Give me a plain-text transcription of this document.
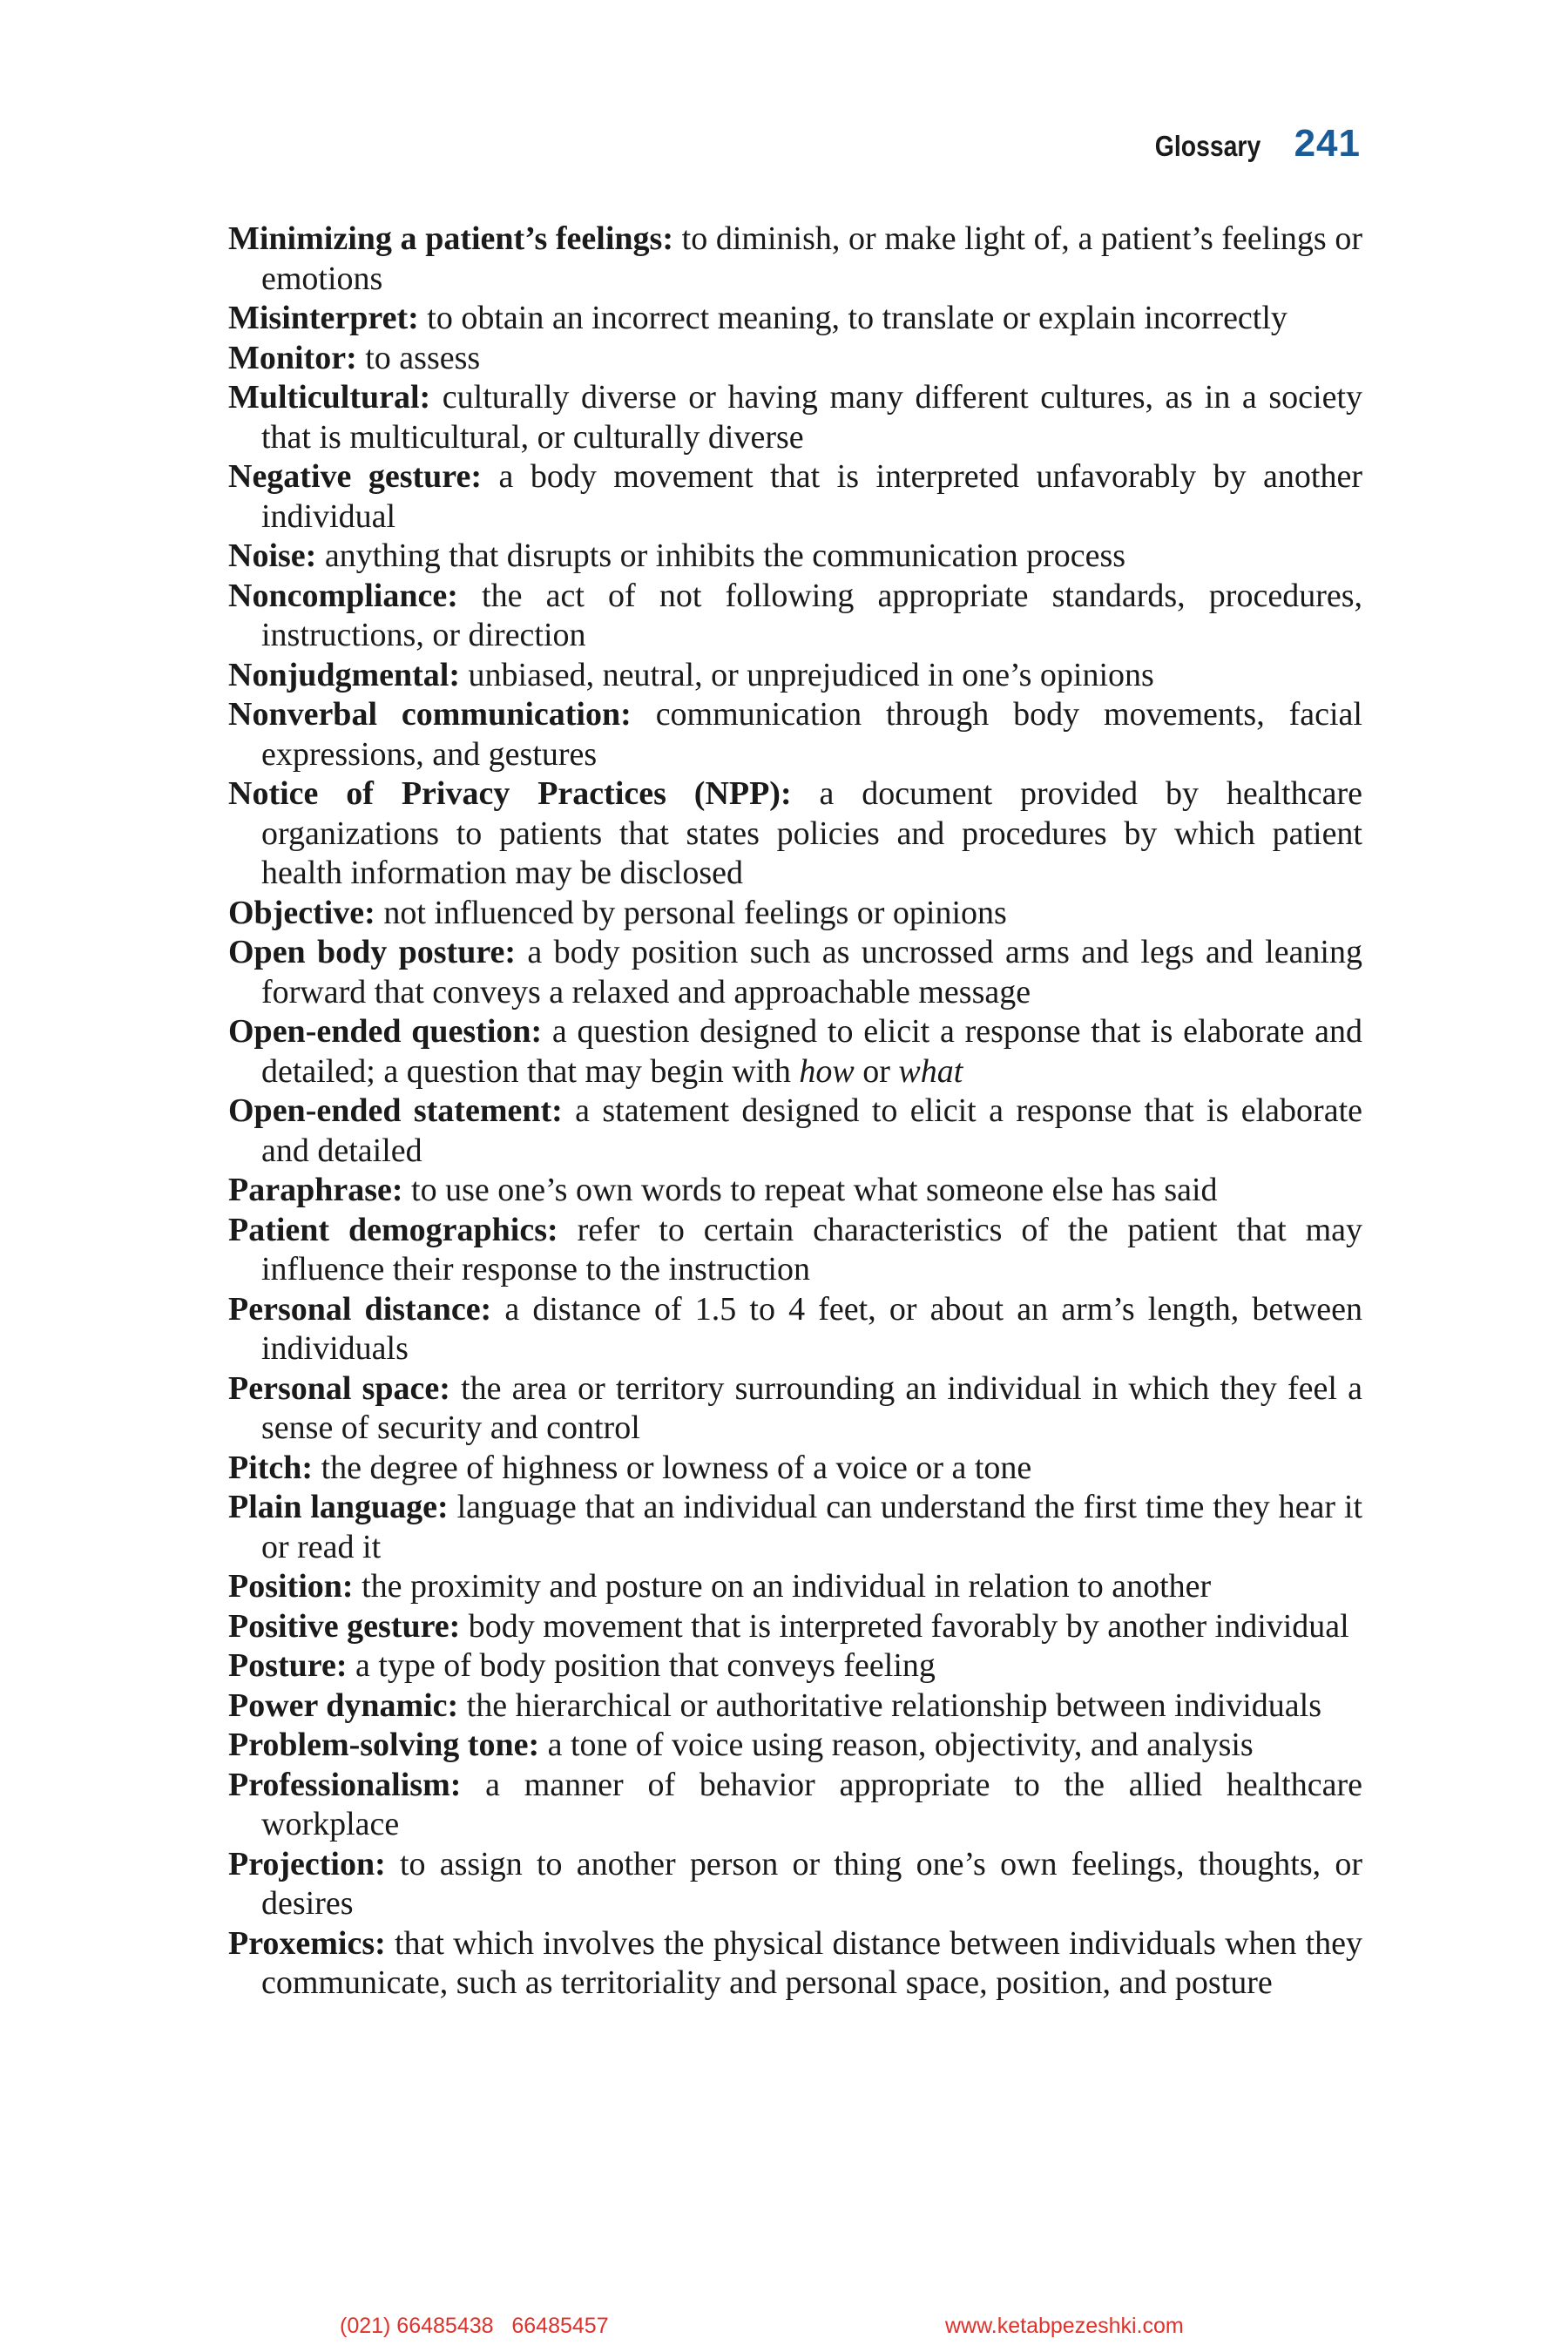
Glossary 241

Minimizing a patient’s feelings: to diminish, or make light of, a patient’s feelings or emotions

Misinterpret: to obtain an incorrect meaning, to translate or explain incorrectly

Monitor: to assess

Multicultural: culturally diverse or having many different cultures, as in a society that is multicultural, or culturally diverse

Negative gesture: a body movement that is interpreted unfavorably by another individual

Noise: anything that disrupts or inhibits the communication process

Noncompliance: the act of not following appropriate standards, procedures, instructions, or direction

Nonjudgmental: unbiased, neutral, or unprejudiced in one’s opinions

Nonverbal communication: communication through body movements, facial expressions, and gestures

Notice of Privacy Practices (NPP): a document provided by healthcare organizations to patients that states policies and procedures by which patient health information may be disclosed

Objective: not influenced by personal feelings or opinions

Open body posture: a body position such as uncrossed arms and legs and leaning forward that conveys a relaxed and approachable message

Open-ended question: a question designed to elicit a response that is elaborate and detailed; a question that may begin with how or what

Open-ended statement: a statement designed to elicit a response that is elaborate and detailed

Paraphrase: to use one’s own words to repeat what someone else has said

Patient demographics: refer to certain characteristics of the patient that may influence their response to the instruction

Personal distance: a distance of 1.5 to 4 feet, or about an arm’s length, between individuals

Personal space: the area or territory surrounding an individual in which they feel a sense of security and control

Pitch: the degree of highness or lowness of a voice or a tone

Plain language: language that an individual can understand the first time they hear it or read it

Position: the proximity and posture on an individual in relation to another

Positive gesture: body movement that is interpreted favorably by another individual

Posture: a type of body position that conveys feeling

Power dynamic: the hierarchical or authoritative relationship between individuals

Problem-solving tone: a tone of voice using reason, objectivity, and analysis

Professionalism: a manner of behavior appropriate to the allied healthcare workplace

Projection: to assign to another person or thing one’s own feelings, thoughts, or desires

Proxemics: that which involves the physical distance between individuals when they communicate, such as territoriality and personal space, position, and posture

(021) 66485438   66485457	www.ketabpezeshki.com
